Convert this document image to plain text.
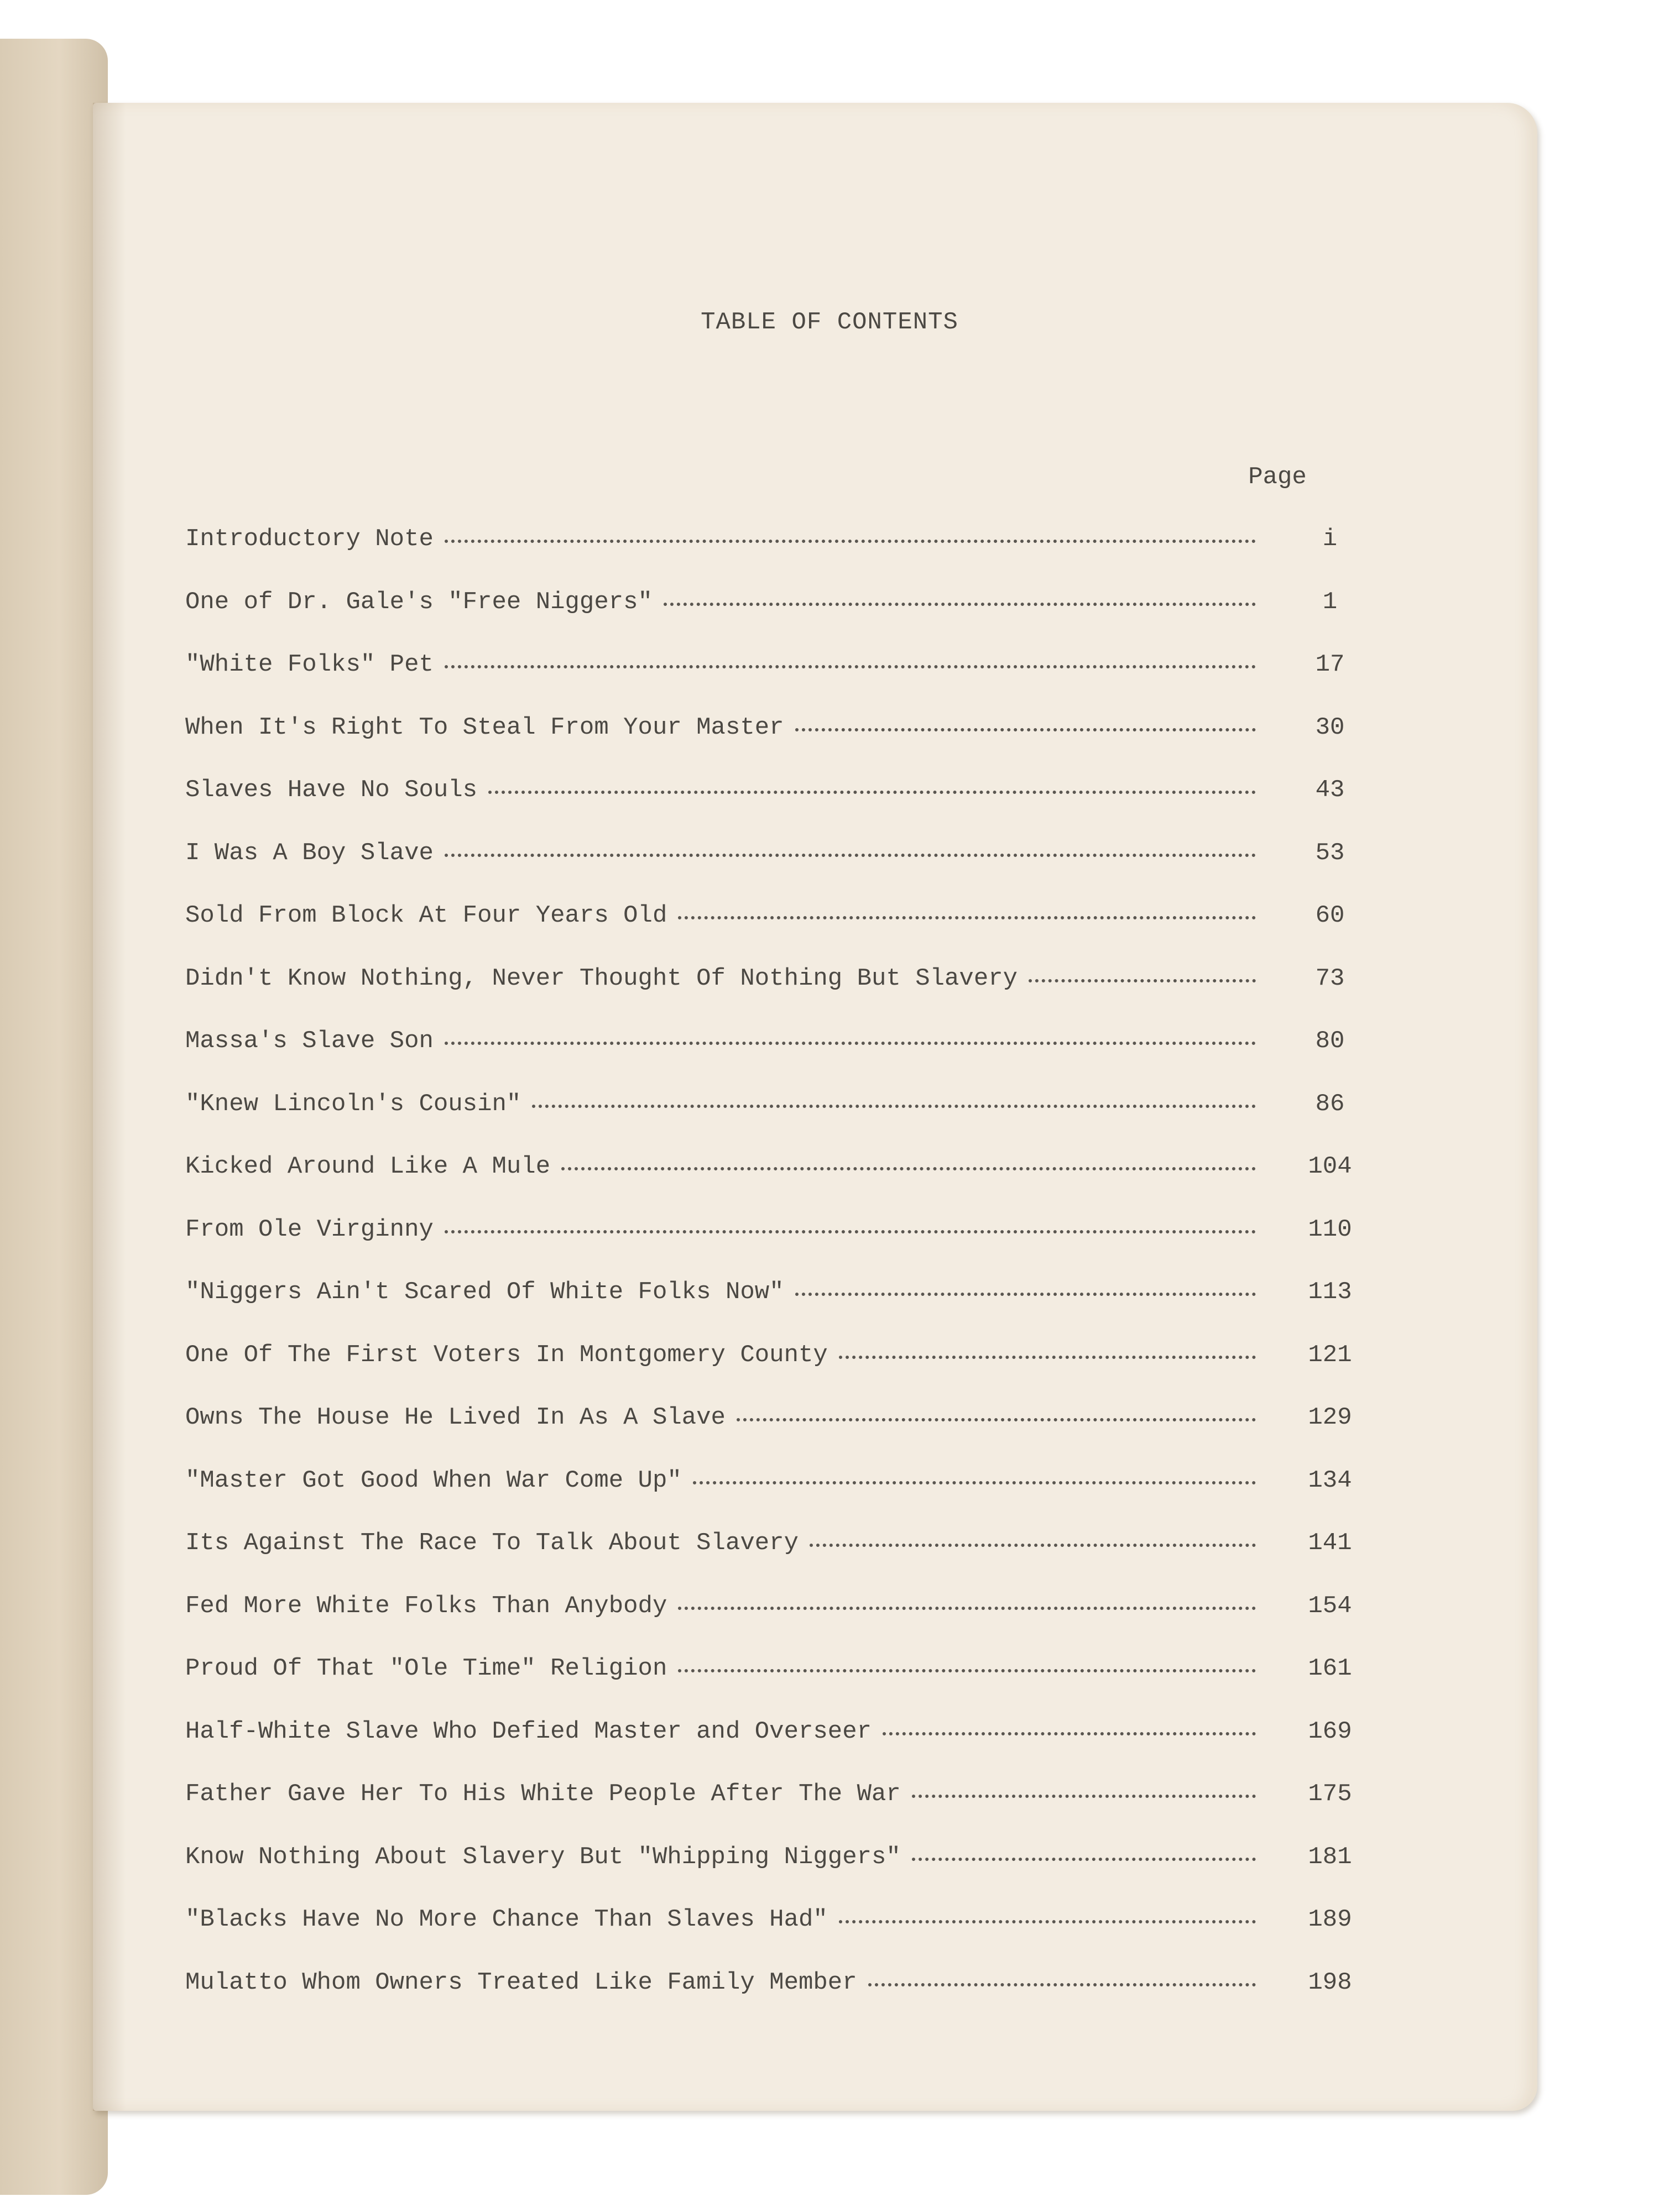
TABLE OF CONTENTS
Page
Introductory Note	i
One of Dr. Gale's "Free Niggers"	1
"White Folks" Pet	17
When It's Right To Steal From Your Master	30
Slaves Have No Souls	43
I Was A Boy Slave	53
Sold From Block At Four Years Old	60
Didn't Know Nothing, Never Thought Of Nothing But Slavery	73
Massa's Slave Son	80
"Knew Lincoln's Cousin"	86
Kicked Around Like A Mule	104
From Ole Virginny	110
"Niggers Ain't Scared Of White Folks Now"	113
One Of The First Voters In Montgomery County	121
Owns The House He Lived In As A Slave	129
"Master Got Good When War Come Up"	134
Its Against The Race To Talk About Slavery	141
Fed More White Folks Than Anybody	154
Proud Of That "Ole Time" Religion	161
Half-White Slave Who Defied Master and Overseer	169
Father Gave Her To His White People After The War	175
Know Nothing About Slavery But "Whipping Niggers"	181
"Blacks Have No More Chance Than Slaves Had"	189
Mulatto Whom Owners Treated Like Family Member	198
